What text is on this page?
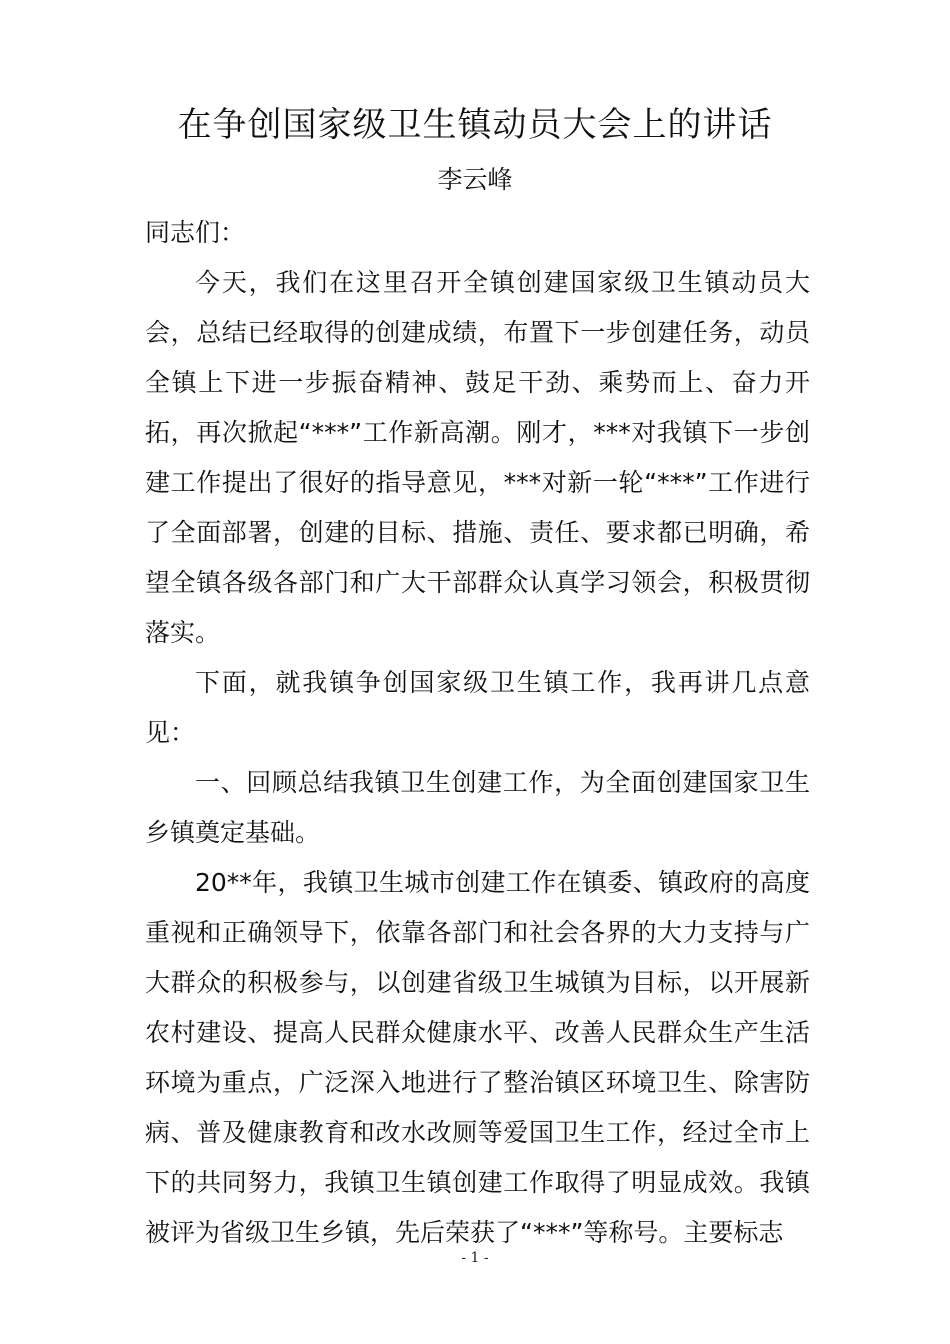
在争创国家级卫生镇动员大会上的讲话
李云峰

同志们：

今天，我们在这里召开全镇创建国家级卫生镇动员大会，总结已经取得的创建成绩，布置下一步创建任务，动员全镇上下进一步振奋精神、鼓足干劲、乘势而上、奋力开拓，再次掀起“***”工作新高潮。刚才，***对我镇下一步创建工作提出了很好的指导意见，***对新一轮“***”工作进行了全面部署，创建的目标、措施、责任、要求都已明确，希望全镇各级各部门和广大干部群众认真学习领会，积极贯彻落实。

下面，就我镇争创国家级卫生镇工作，我再讲几点意见：

一、回顾总结我镇卫生创建工作，为全面创建国家卫生乡镇奠定基础。

20**年，我镇卫生城市创建工作在镇委、镇政府的高度重视和正确领导下，依靠各部门和社会各界的大力支持与广大群众的积极参与，以创建省级卫生城镇为目标，以开展新农村建设、提高人民群众健康水平、改善人民群众生产生活环境为重点，广泛深入地进行了整治镇区环境卫生、除害防病、普及健康教育和改水改厕等爱国卫生工作，经过全市上下的共同努力，我镇卫生镇创建工作取得了明显成效。我镇被评为省级卫生乡镇，先后荣获了“***”等称号。主要标志

- 1 -
